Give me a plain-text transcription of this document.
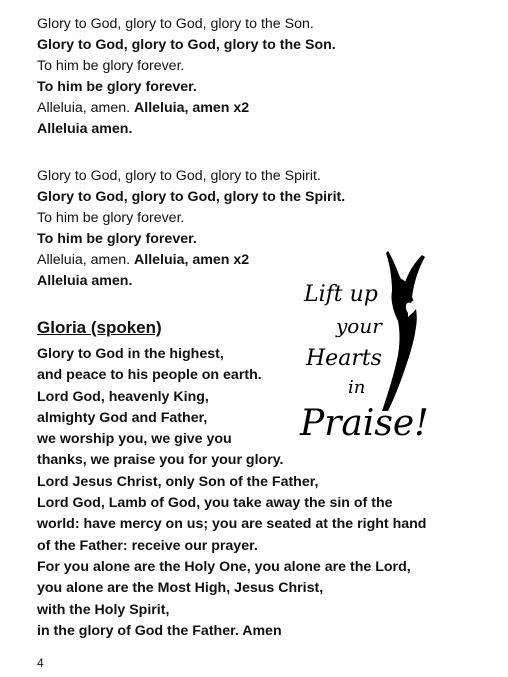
Glory to God, glory to God, glory to the Son.
Glory to God, glory to God, glory to the Son.
To him be glory forever.
To him be glory forever.
Alleluia, amen. Alleluia, amen x2
Alleluia amen.
Glory to God, glory to God, glory to the Spirit.
Glory to God, glory to God, glory to the Spirit.
To him be glory forever.
To him be glory forever.
Alleluia, amen. Alleluia, amen x2
Alleluia amen.
Gloria (spoken)
Glory to God in the highest,
and peace to his people on earth.
Lord God, heavenly King,
almighty God and Father,
we worship you, we give you
thanks, we praise you for your glory.
Lord Jesus Christ, only Son of the Father,
Lord God, Lamb of God, you take away the sin of the
world: have mercy on us; you are seated at the right hand
of the Father: receive our prayer.
For you alone are the Holy One, you alone are the Lord,
you alone are the Most High, Jesus Christ,
with the Holy Spirit,
in the glory of God the Father. Amen
Lift up
your
Hearts
in
Praise!
4
